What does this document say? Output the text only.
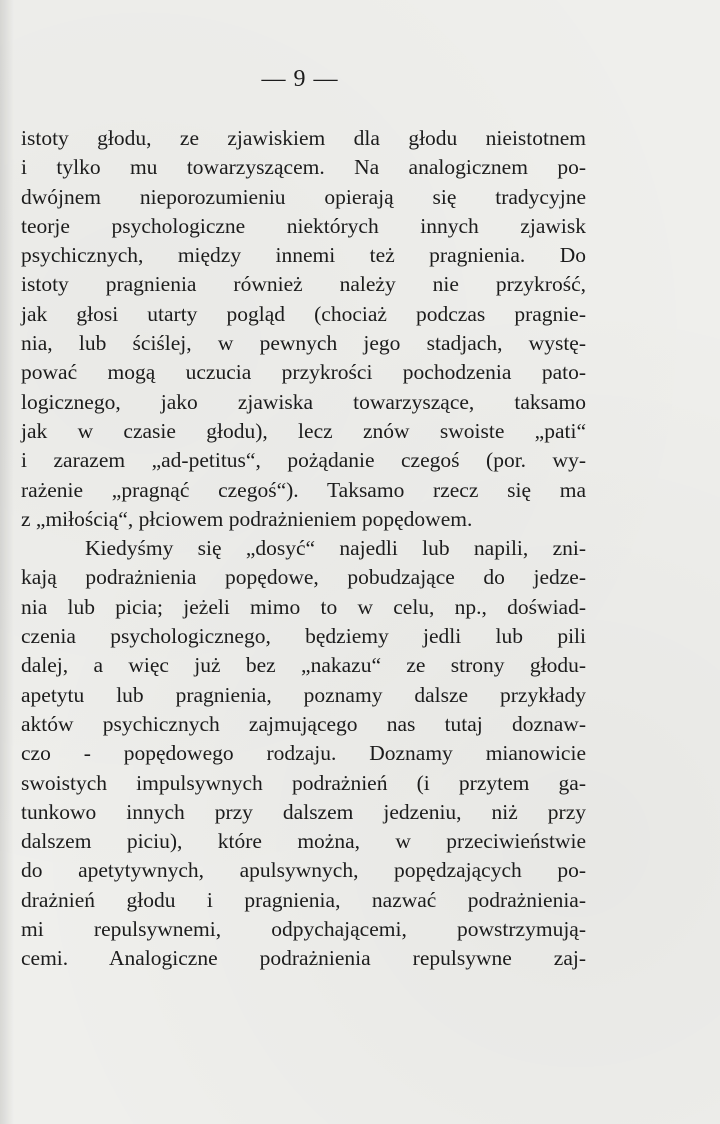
— 9 —
istoty głodu, ze zjawiskiem dla głodu nieistotnem
i tylko mu towarzyszącem. Na analogicznem po-
dwójnem nieporozumieniu opierają się tradycyjne
teorje psychologiczne niektórych innych zjawisk
psychicznych, między innemi też pragnienia. Do
istoty pragnienia również należy nie przykrość,
jak głosi utarty pogląd (chociaż podczas pragnie-
nia, lub ściślej, w pewnych jego stadjach, wystę-
pować mogą uczucia przykrości pochodzenia pato-
logicznego, jako zjawiska towarzyszące, taksamo
jak w czasie głodu), lecz znów swoiste „pati“
i zarazem „ad-petitus“, pożądanie czegoś (por. wy-
rażenie „pragnąć czegoś“). Taksamo rzecz się ma
z „miłością“, płciowem podrażnieniem popędowem.
Kiedyśmy się „dosyć“ najedli lub napili, zni-
kają podrażnienia popędowe, pobudzające do jedze-
nia lub picia; jeżeli mimo to w celu, np., doświad-
czenia psychologicznego, będziemy jedli lub pili
dalej, a więc już bez „nakazu“ ze strony głodu-
apetytu lub pragnienia, poznamy dalsze przykłady
aktów psychicznych zajmującego nas tutaj doznaw-
czo - popędowego rodzaju. Doznamy mianowicie
swoistych impulsywnych podrażnień (i przytem ga-
tunkowo innych przy dalszem jedzeniu, niż przy
dalszem piciu), które można, w przeciwieństwie
do apetytywnych, apulsywnych, popędzających po-
drażnień głodu i pragnienia, nazwać podrażnienia-
mi repulsywnemi, odpychającemi, powstrzymują-
cemi. Analogiczne podrażnienia repulsywne zaj-
